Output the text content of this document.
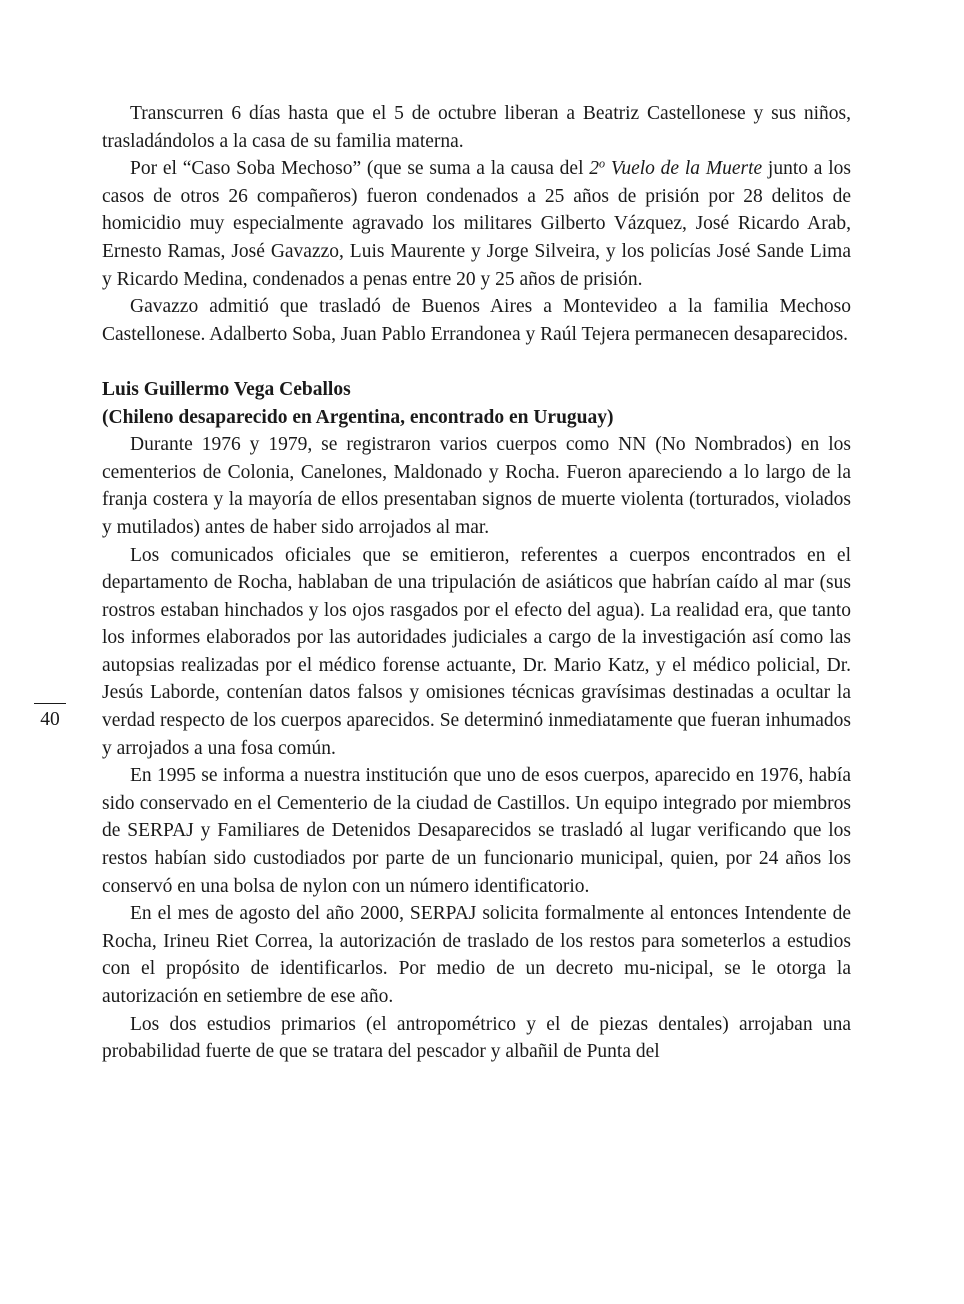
Transcurren 6 días hasta que el 5 de octubre liberan a Beatriz Castellonese y sus niños, trasladándolos a la casa de su familia materna.

Por el “Caso Soba Mechoso” (que se suma a la causa del 2$^o$ Vuelo de la Muerte junto a los casos de otros 26 compañeros) fueron condenados a 25 años de prisión por 28 delitos de homicidio muy especialmente agravado los militares Gilberto Vázquez, José Ricardo Arab, Ernesto Ramas, José Gavazzo, Luis Maurente y Jorge Silveira, y los policías José Sande Lima y Ricardo Medina, condenados a penas entre 20 y 25 años de prisión.

Gavazzo admitió que trasladó de Buenos Aires a Montevideo a la familia Mechoso Castellonese. Adalberto Soba, Juan Pablo Errandonea y Raúl Tejera permanecen desaparecidos.

Luis Guillermo Vega Ceballos

(Chileno desaparecido en Argentina, encontrado en Uruguay)

Durante 1976 y 1979, se registraron varios cuerpos como NN (No Nombrados) en los cementerios de Colonia, Canelones, Maldonado y Rocha. Fueron apareciendo a lo largo de la franja costera y la mayoría de ellos presentaban signos de muerte violenta (torturados, violados y mutilados) antes de haber sido arrojados al mar.

Los comunicados oficiales que se emitieron, referentes a cuerpos encontrados en el departamento de Rocha, hablaban de una tripulación de asiáticos que habrían caído al mar (sus rostros estaban hinchados y los ojos rasgados por el efecto del agua). La realidad era, que tanto los informes elaborados por las autoridades judiciales a cargo de la investigación así como las autopsias realizadas por el médico forense actuante, Dr. Mario Katz, y el médico policial, Dr. Jesús Laborde, contenían datos falsos y omisiones técnicas gravísimas destinadas a ocultar la verdad respecto de los cuerpos aparecidos. Se determinó inmediatamente que fueran inhumados y arrojados a una fosa común.

En 1995 se informa a nuestra institución que uno de esos cuerpos, aparecido en 1976, había sido conservado en el Cementerio de la ciudad de Castillos. Un equipo integrado por miembros de SERPAJ y Familiares de Detenidos Desaparecidos se trasladó al lugar verificando que los restos habían sido custodiados por parte de un funcionario municipal, quien, por 24 años los conservó en una bolsa de nylon con un número identificatorio.

En el mes de agosto del año 2000, SERPAJ solicita formalmente al entonces Intendente de Rocha, Irineu Riet Correa, la autorización de traslado de los restos para someterlos a estudios con el propósito de identificarlos. Por medio de un decreto mu-nicipal, se le otorga la autorización en setiembre de ese año.

Los dos estudios primarios (el antropométrico y el de piezas dentales) arrojaban una probabilidad fuerte de que se tratara del pescador y albañil de Punta del

40
